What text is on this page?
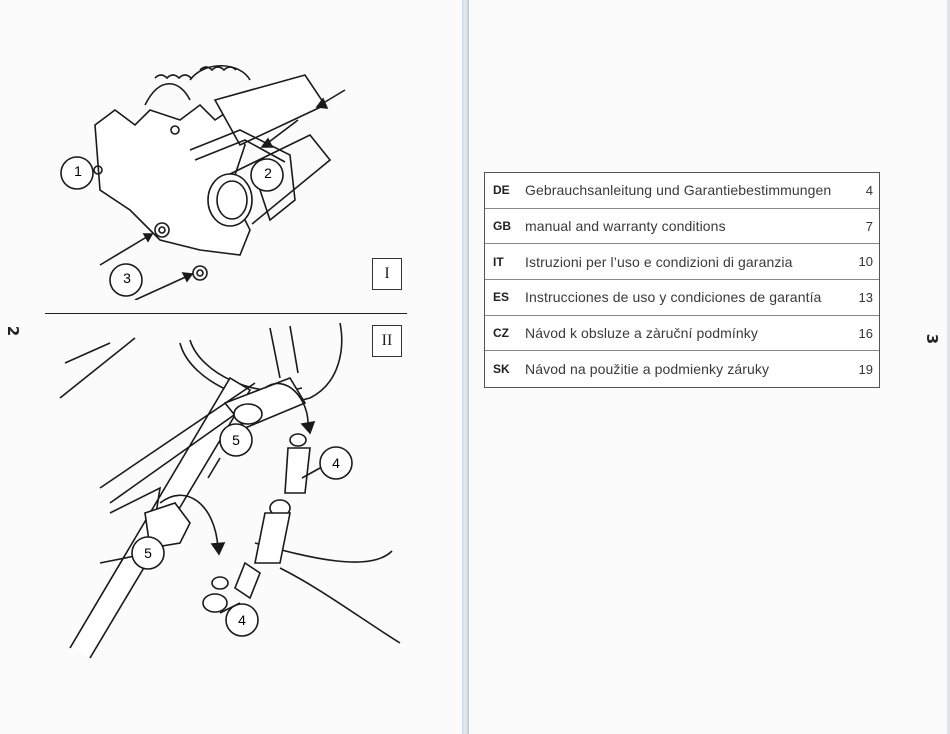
2
1	2
3	I
II
5
4
5
4
3
DE	Gebrauchsanleitung und Garantiebestimmungen	4
GB	manual and warranty conditions	7
IT	Istruzioni per l’uso e condizioni di garanzia	10
ES	Instrucciones de uso y condiciones de garantía	13
CZ	Návod k obsluze a zàruční podmínky	16
SK	Návod na použitie a podmienky záruky	19
